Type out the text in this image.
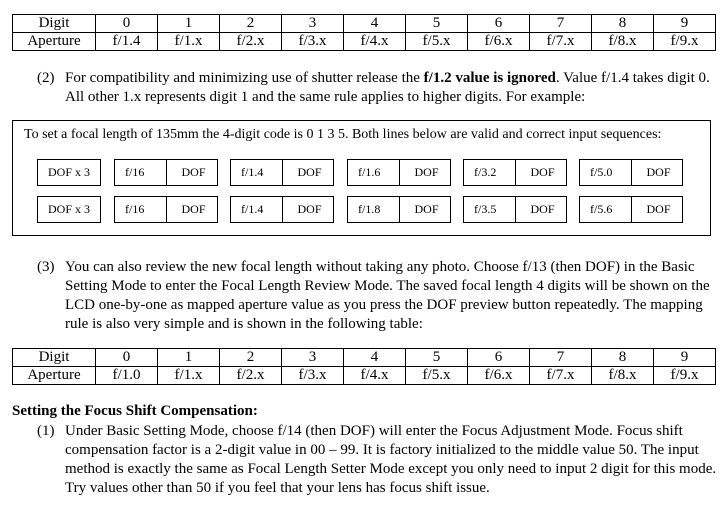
Digit	0	1	2	3	4	5	6	7	8	9
Aperture	f/1.4	f/1.x	f/2.x	f/3.x	f/4.x	f/5.x	f/6.x	f/7.x	f/8.x	f/9.x
(2) For compatibility and minimizing use of shutter release the f/1.2 value is ignored. Value f/1.4 takes digit 0. All other 1.x represents digit 1 and the same rule applies to higher digits. For example:
To set a focal length of 135mm the 4-digit code is 0 1 3 5. Both lines below are valid and correct input sequences:
DOF x 3	f/16	DOF	f/1.4	DOF	f/1.6	DOF	f/3.2	DOF	f/5.0	DOF
DOF x 3	f/16	DOF	f/1.4	DOF	f/1.8	DOF	f/3.5	DOF	f/5.6	DOF
(3) You can also review the new focal length without taking any photo. Choose f/13 (then DOF) in the Basic Setting Mode to enter the Focal Length Review Mode. The saved focal length 4 digits will be shown on the LCD one-by-one as mapped aperture value as you press the DOF preview button repeatedly. The mapping rule is also very simple and is shown in the following table:
Digit	0	1	2	3	4	5	6	7	8	9
Aperture	f/1.0	f/1.x	f/2.x	f/3.x	f/4.x	f/5.x	f/6.x	f/7.x	f/8.x	f/9.x
Setting the Focus Shift Compensation:
(1) Under Basic Setting Mode, choose f/14 (then DOF) will enter the Focus Adjustment Mode. Focus shift compensation factor is a 2-digit value in 00 – 99. It is factory initialized to the middle value 50. The input method is exactly the same as Focal Length Setter Mode except you only need to input 2 digit for this mode. Try values other than 50 if you feel that your lens has focus shift issue.
